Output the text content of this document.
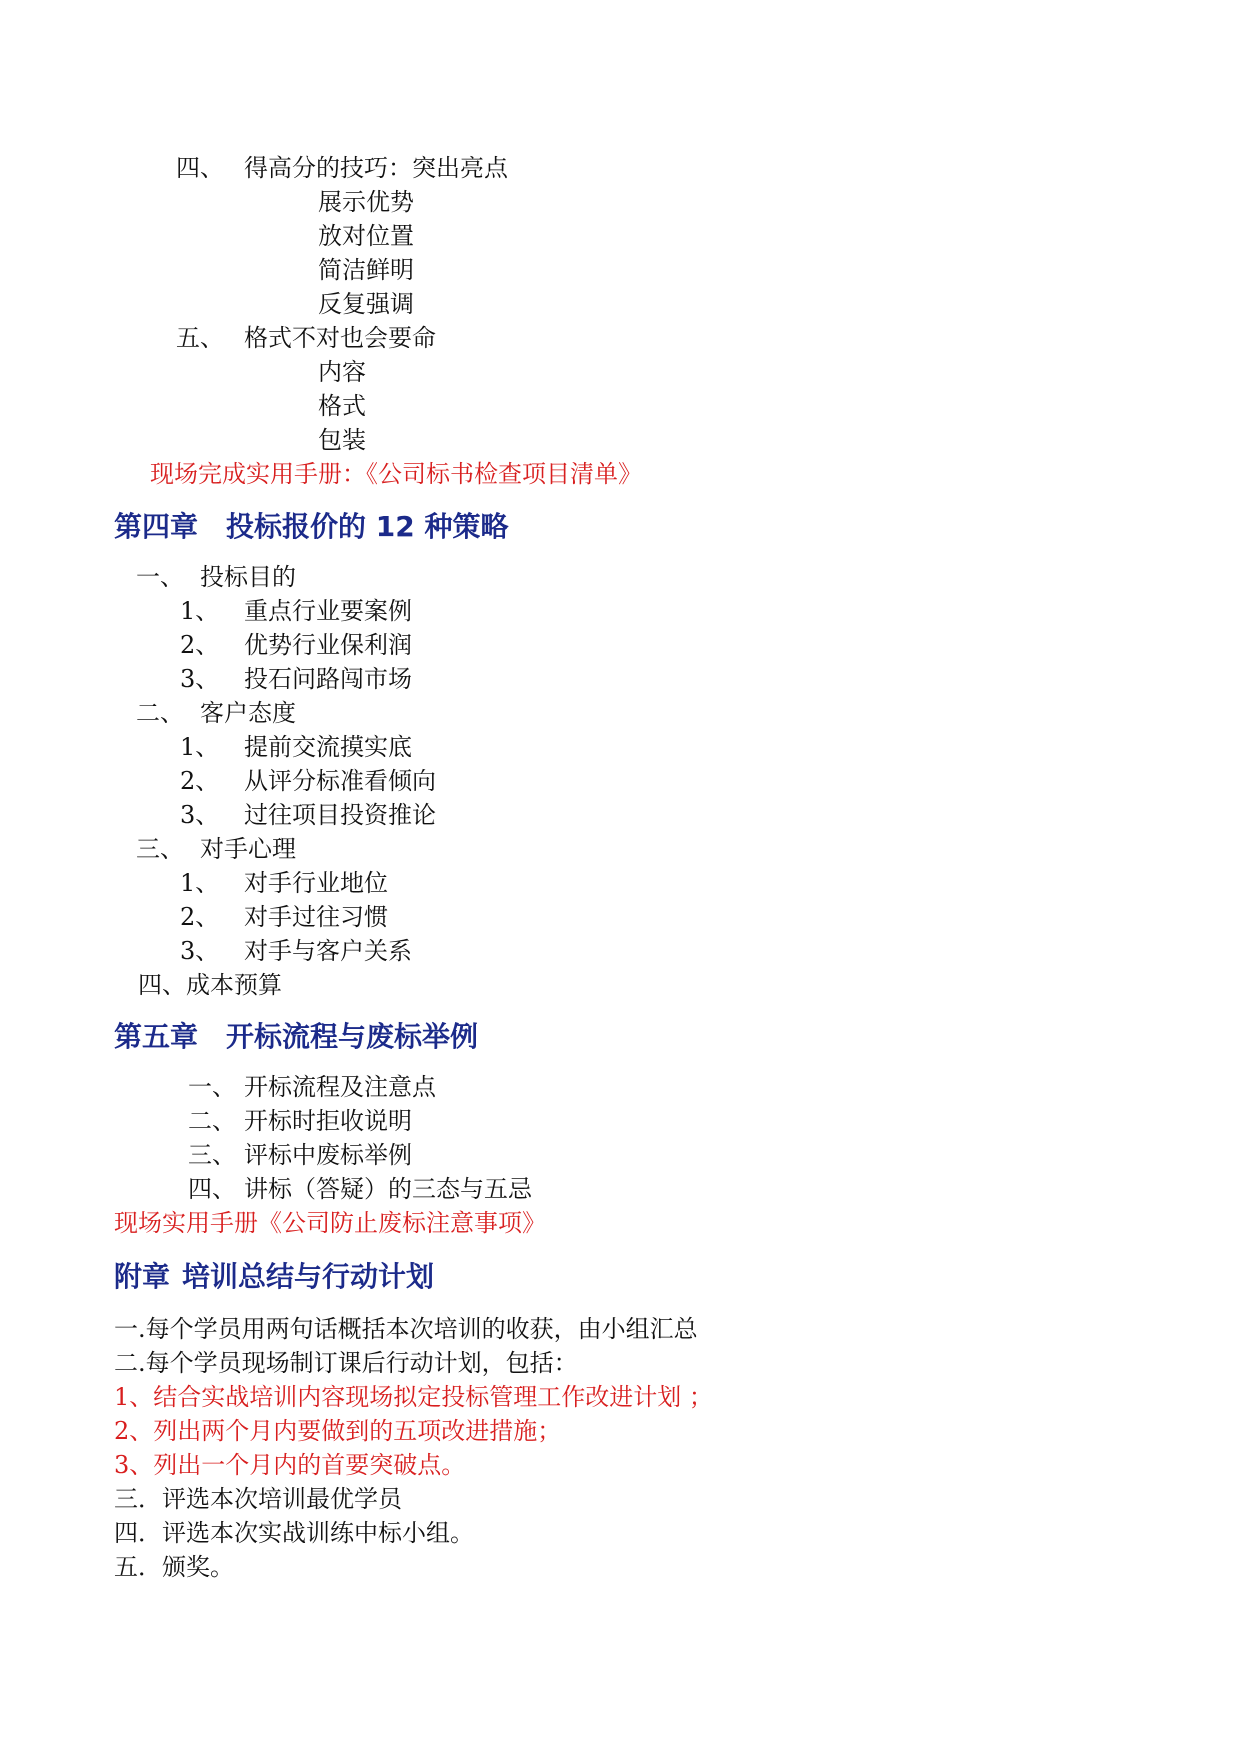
四、 得高分的技巧：突出亮点
展示优势
放对位置
简洁鲜明
反复强调
五、 格式不对也会要命
内容
格式
包装
现场完成实用手册：《公司标书检查项目清单》
第四章 投标报价的 12 种策略
一、 投标目的
1、 重点行业要案例
2、 优势行业保利润
3、 投石问路闯市场
二、 客户态度
1、 提前交流摸实底
2、 从评分标准看倾向
3、 过往项目投资推论
三、 对手心理
1、 对手行业地位
2、 对手过往习惯
3、 对手与客户关系
四、成本预算
第五章 开标流程与废标举例
一、 开标流程及注意点
二、 开标时拒收说明
三、 评标中废标举例
四、 讲标（答疑）的三态与五忌
现场实用手册《公司防止废标注意事项》
附章 培训总结与行动计划
一.每个学员用两句话概括本次培训的收获，由小组汇总
二.每个学员现场制订课后行动计划，包括：
1、结合实战培训内容现场拟定投标管理工作改进计划 ；
2、列出两个月内要做到的五项改进措施；
3、列出一个月内的首要突破点。
三．评选本次培训最优学员
四．评选本次实战训练中标小组。
五．颁奖。
